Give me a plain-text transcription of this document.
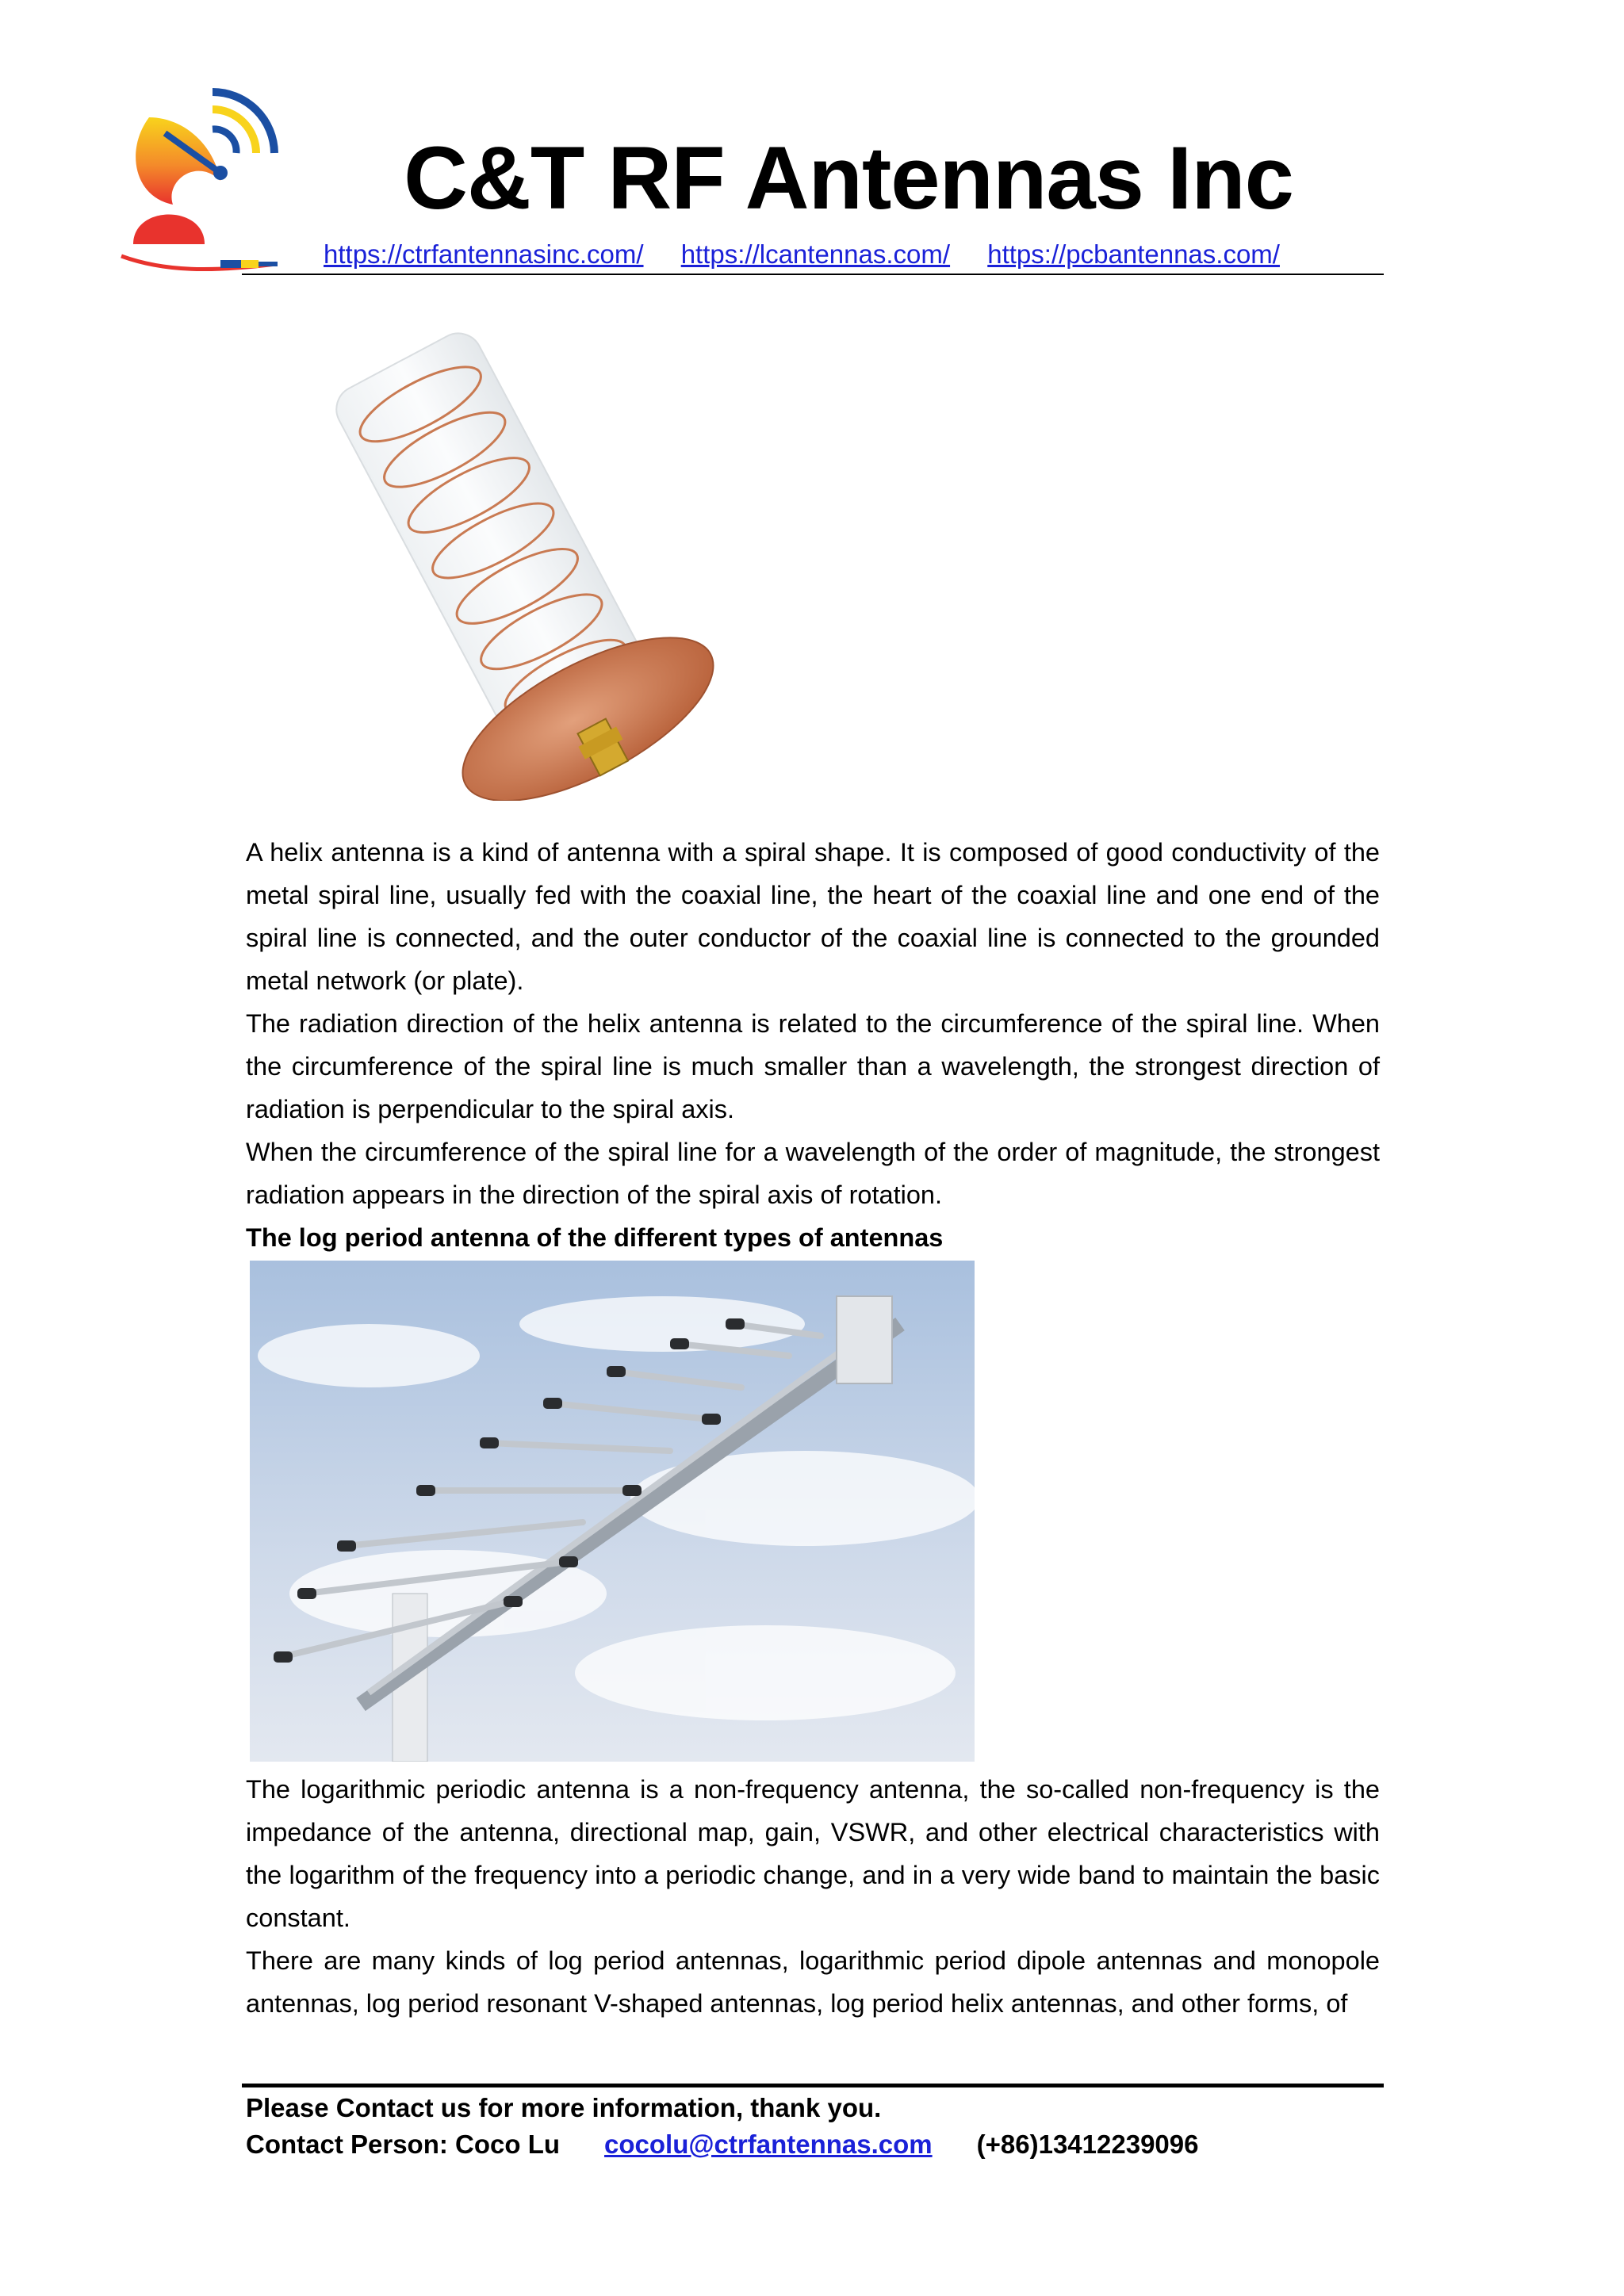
C&T RF Antennas Inc
https://ctrfantennasinc.com/ https://lcantennas.com/ https://pcbantennas.com/

A helix antenna is a kind of antenna with a spiral shape. It is composed of good conductivity of the metal spiral line, usually fed with the coaxial line, the heart of the coaxial line and one end of the spiral line is connected, and the outer conductor of the coaxial line is connected to the grounded metal network (or plate).

The radiation direction of the helix antenna is related to the circumference of the spiral line. When the circumference of the spiral line is much smaller than a wavelength, the strongest direction of radiation is perpendicular to the spiral axis.

When the circumference of the spiral line for a wavelength of the order of magnitude, the strongest radiation appears in the direction of the spiral axis of rotation.

The log period antenna of the different types of antennas

The logarithmic periodic antenna is a non-frequency antenna, the so-called non-frequency is the impedance of the antenna, directional map, gain, VSWR, and other electrical characteristics with the logarithm of the frequency into a periodic change, and in a very wide band to maintain the basic constant.

There are many kinds of log period antennas, logarithmic period dipole antennas and monopole antennas, log period resonant V-shaped antennas, log period helix antennas, and other forms, of

Please Contact us for more information, thank you.
Contact Person: Coco Lu cocolu@ctrfantennas.com (+86)13412239096
